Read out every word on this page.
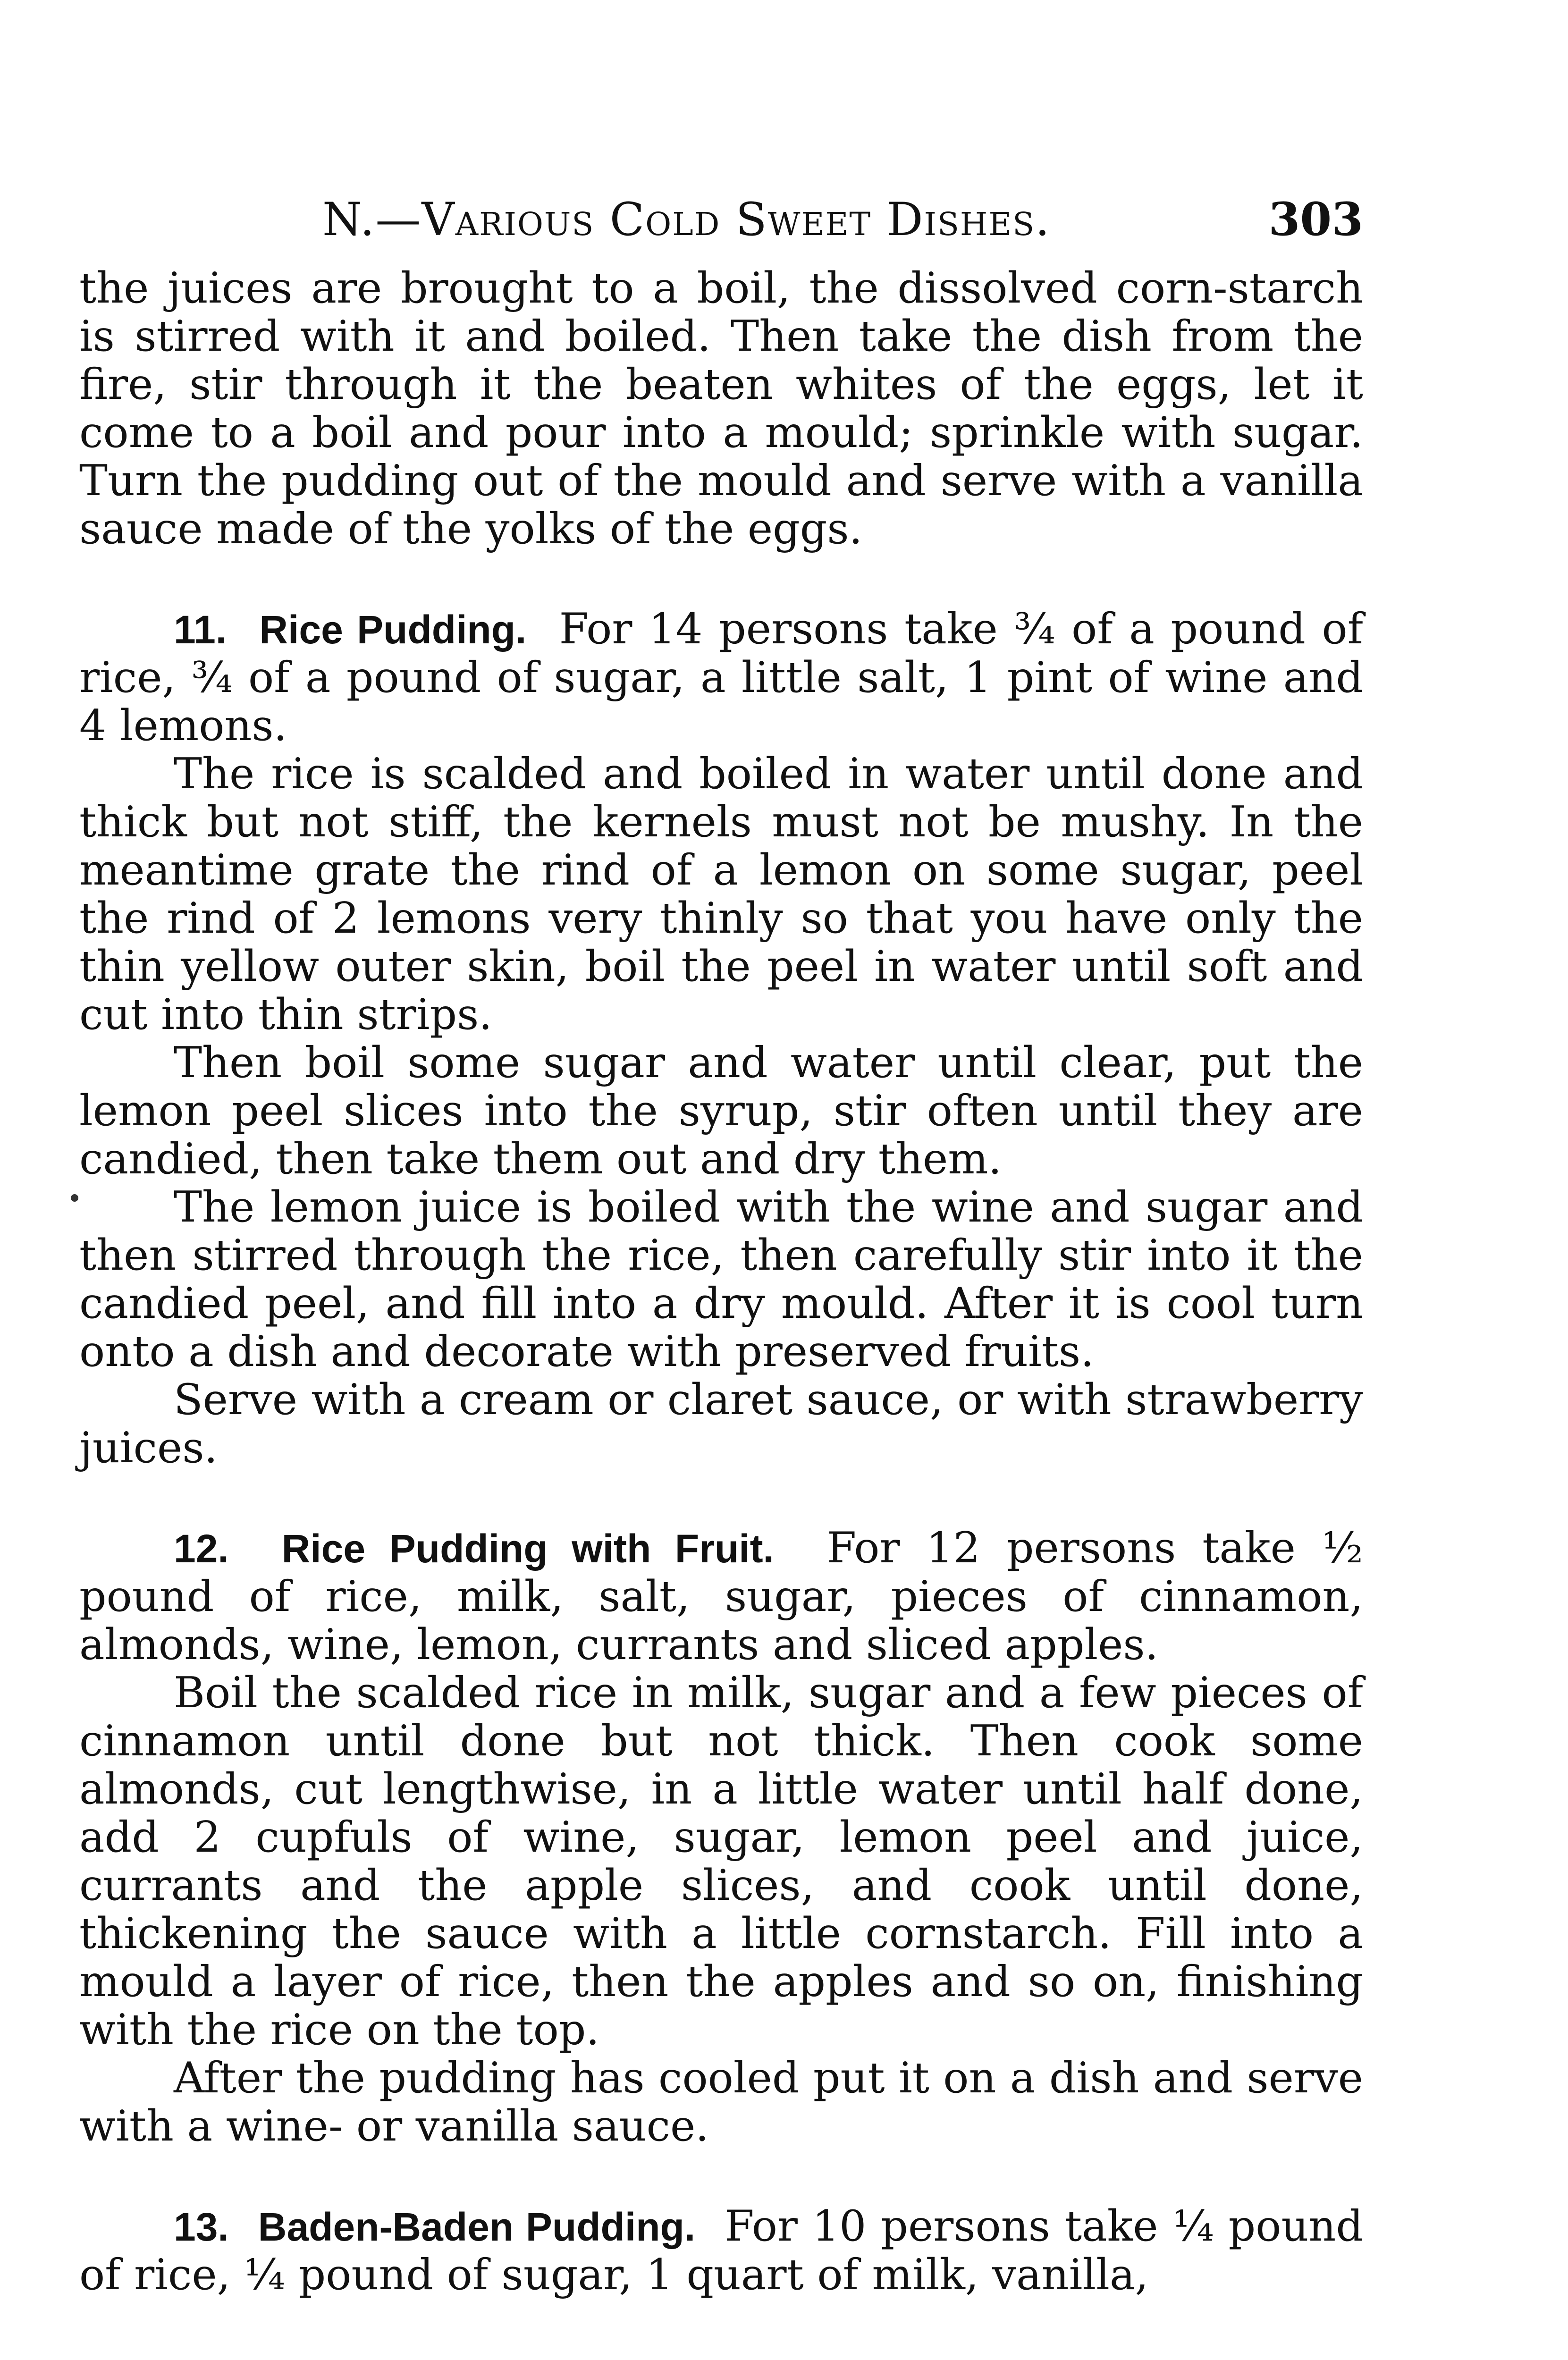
N.—Various Cold Sweet Dishes.	303

the juices are brought to a boil, the dissolved corn-starch is stirred with it and boiled. Then take the dish from the fire, stir through it the beaten whites of the eggs, let it come to a boil and pour into a mould; sprinkle with sugar. Turn the pudding out of the mould and serve with a vanilla sauce made of the yolks of the eggs.

11. Rice Pudding. For 14 persons take ¾ of a pound of rice, ¾ of a pound of sugar, a little salt, 1 pint of wine and 4 lemons.

The rice is scalded and boiled in water until done and thick but not stiff, the kernels must not be mushy. In the meantime grate the rind of a lemon on some sugar, peel the rind of 2 lemons very thinly so that you have only the thin yellow outer skin, boil the peel in water until soft and cut into thin strips.

Then boil some sugar and water until clear, put the lemon peel slices into the syrup, stir often until they are candied, then take them out and dry them.

The lemon juice is boiled with the wine and sugar and then stirred through the rice, then carefully stir into it the candied peel, and fill into a dry mould. After it is cool turn onto a dish and decorate with preserved fruits.

Serve with a cream or claret sauce, or with strawberry juices.

12. Rice Pudding with Fruit. For 12 persons take ½ pound of rice, milk, salt, sugar, pieces of cinnamon, almonds, wine, lemon, currants and sliced apples.

Boil the scalded rice in milk, sugar and a few pieces of cinnamon until done but not thick. Then cook some almonds, cut lengthwise, in a little water until half done, add 2 cupfuls of wine, sugar, lemon peel and juice, currants and the apple slices, and cook until done, thickening the sauce with a little cornstarch. Fill into a mould a layer of rice, then the apples and so on, finishing with the rice on the top.

After the pudding has cooled put it on a dish and serve with a wine- or vanilla sauce.

13. Baden-Baden Pudding. For 10 persons take ¼ pound of rice, ¼ pound of sugar, 1 quart of milk, vanilla,
